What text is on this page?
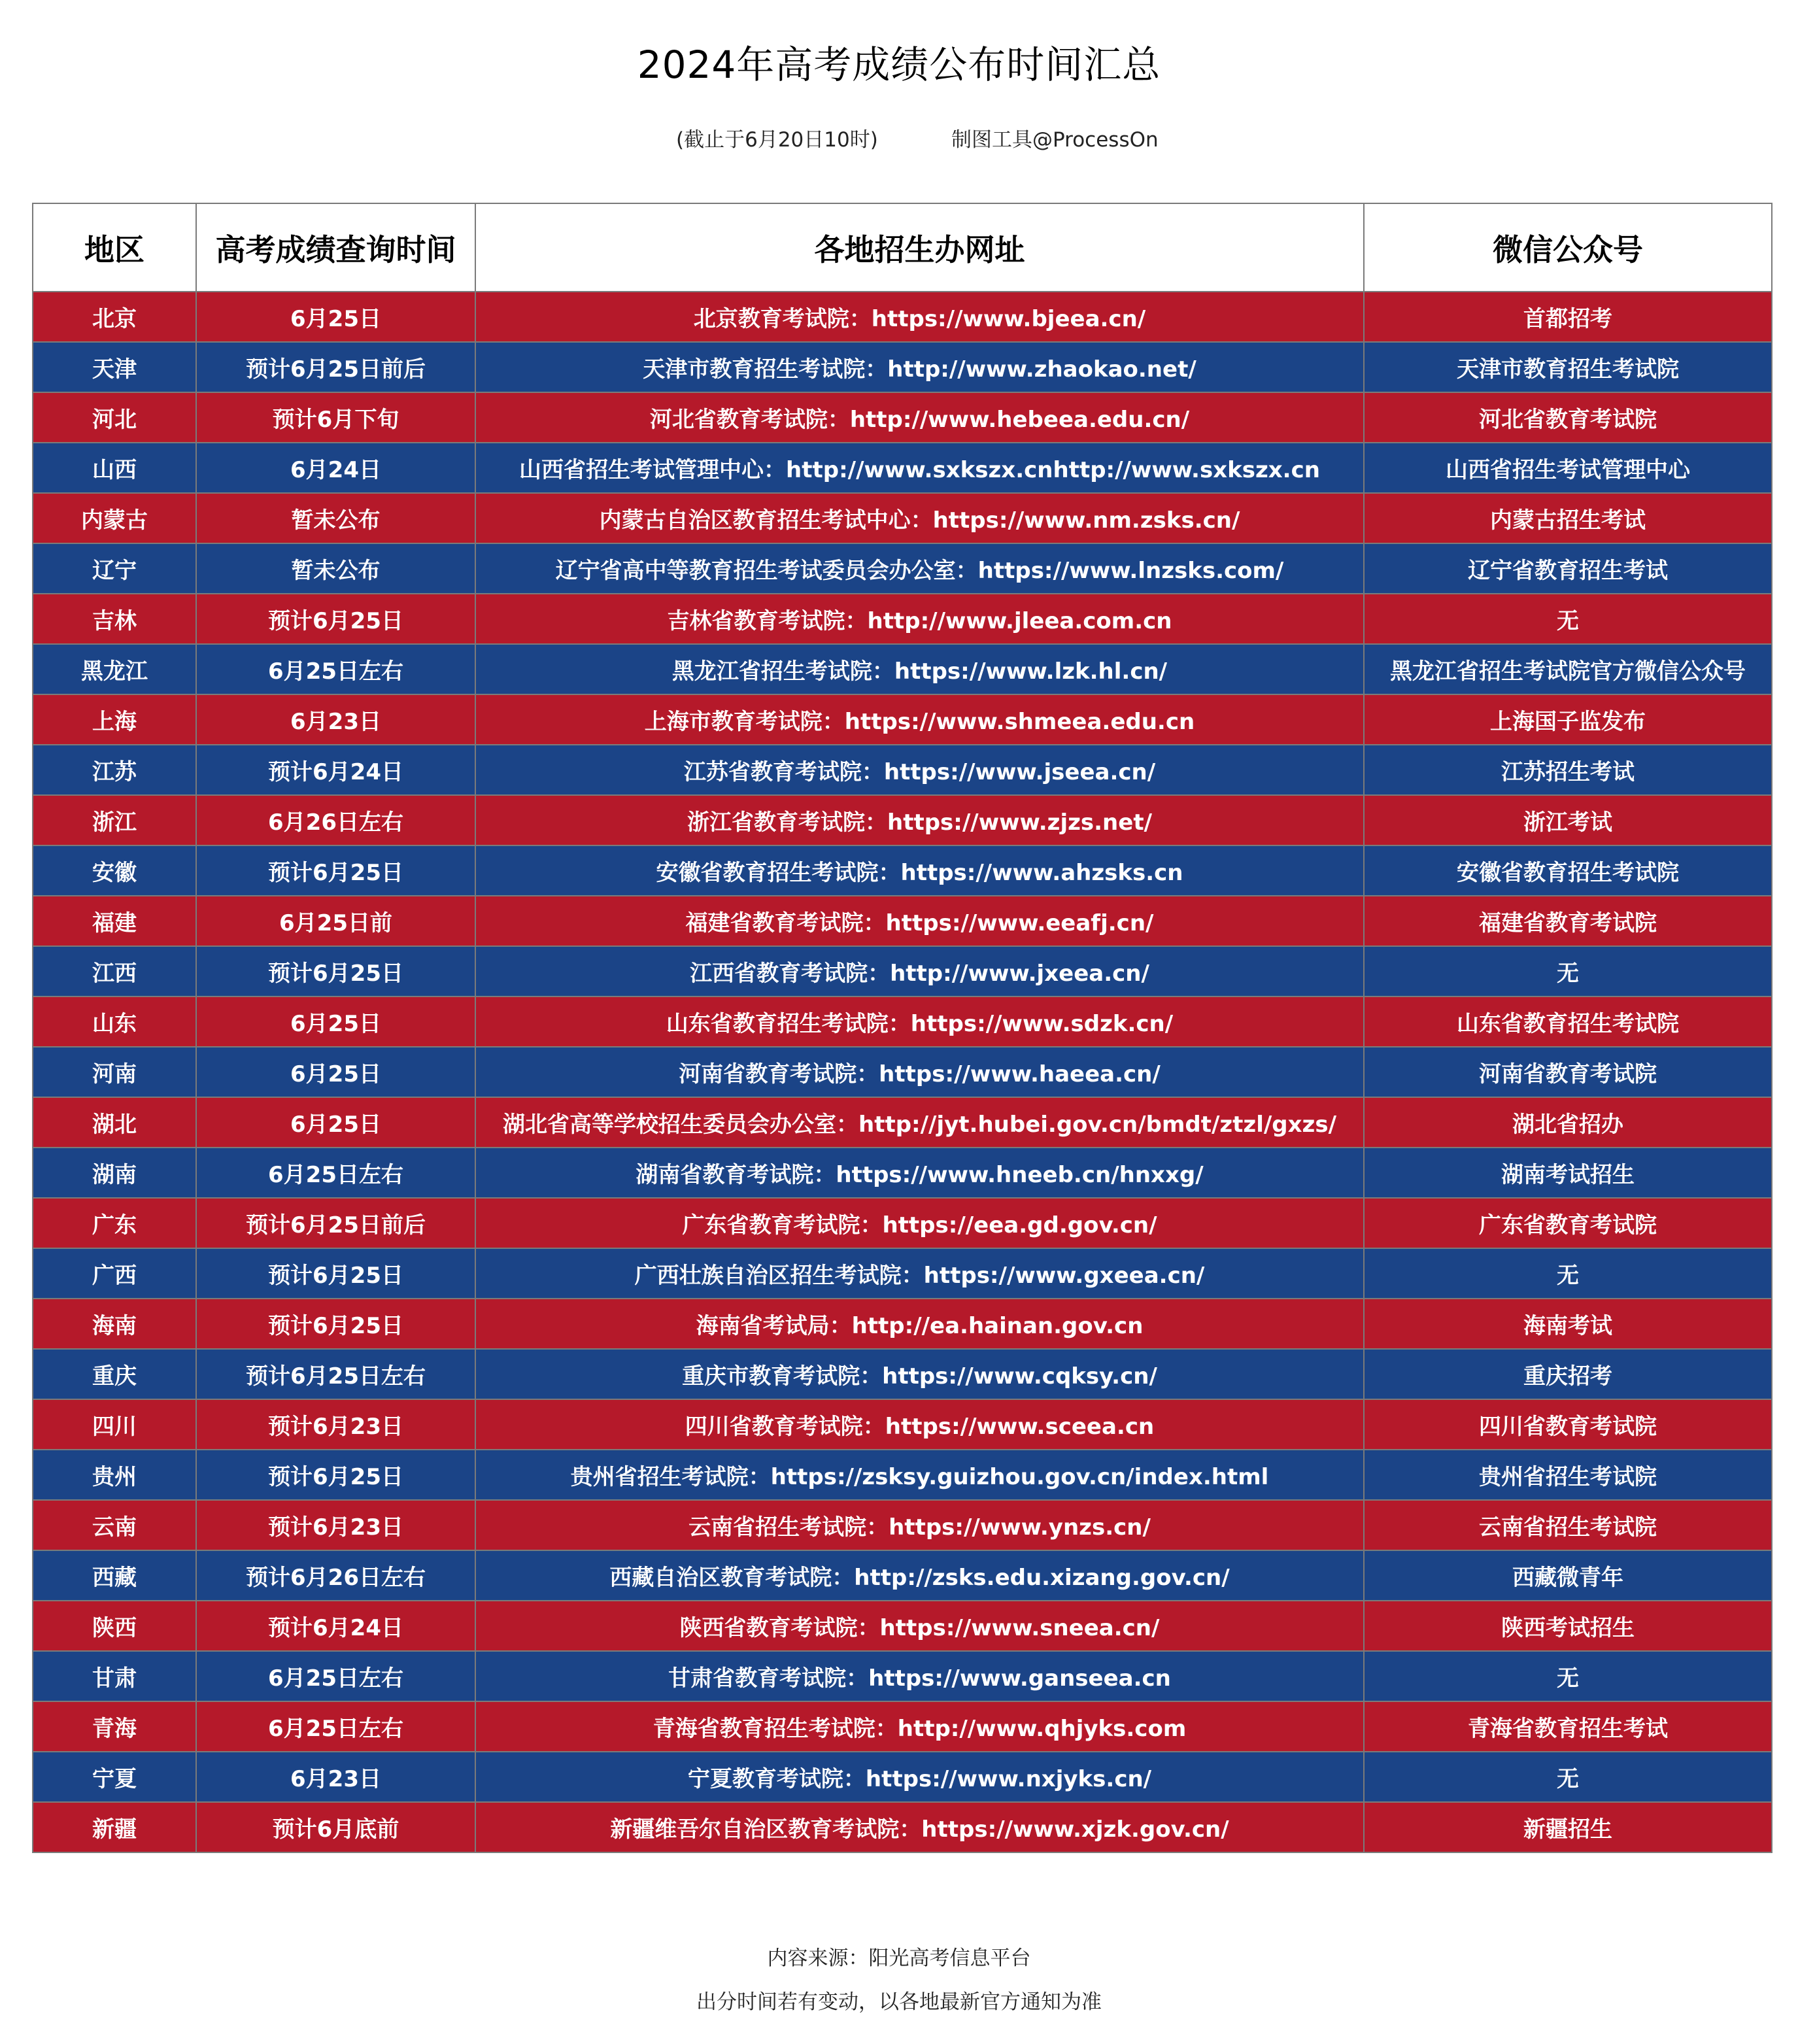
2024年高考成绩公布时间汇总
(截止于6月20日10时)	制图工具@ProcessOn
地区	高考成绩查询时间	各地招生办网址	微信公众号
北京	6月25日	北京教育考试院：https://www.bjeea.cn/	首都招考
天津	预计6月25日前后	天津市教育招生考试院：http://www.zhaokao.net/	天津市教育招生考试院
河北	预计6月下旬	河北省教育考试院：http://www.hebeea.edu.cn/	河北省教育考试院
山西	6月24日	山西省招生考试管理中心：http://www.sxkszx.cnhttp://www.sxkszx.cn	山西省招生考试管理中心
内蒙古	暂未公布	内蒙古自治区教育招生考试中心：https://www.nm.zsks.cn/	内蒙古招生考试
辽宁	暂未公布	辽宁省高中等教育招生考试委员会办公室：https://www.lnzsks.com/	辽宁省教育招生考试
吉林	预计6月25日	吉林省教育考试院：http://www.jleea.com.cn	无
黑龙江	6月25日左右	黑龙江省招生考试院：https://www.lzk.hl.cn/	黑龙江省招生考试院官方微信公众号
上海	6月23日	上海市教育考试院：https://www.shmeea.edu.cn	上海国子监发布
江苏	预计6月24日	江苏省教育考试院：https://www.jseea.cn/	江苏招生考试
浙江	6月26日左右	浙江省教育考试院：https://www.zjzs.net/	浙江考试
安徽	预计6月25日	安徽省教育招生考试院：https://www.ahzsks.cn	安徽省教育招生考试院
福建	6月25日前	福建省教育考试院：https://www.eeafj.cn/	福建省教育考试院
江西	预计6月25日	江西省教育考试院：http://www.jxeea.cn/	无
山东	6月25日	山东省教育招生考试院：https://www.sdzk.cn/	山东省教育招生考试院
河南	6月25日	河南省教育考试院：https://www.haeea.cn/	河南省教育考试院
湖北	6月25日	湖北省高等学校招生委员会办公室：http://jyt.hubei.gov.cn/bmdt/ztzl/gxzs/	湖北省招办
湖南	6月25日左右	湖南省教育考试院：https://www.hneeb.cn/hnxxg/	湖南考试招生
广东	预计6月25日前后	广东省教育考试院：https://eea.gd.gov.cn/	广东省教育考试院
广西	预计6月25日	广西壮族自治区招生考试院：https://www.gxeea.cn/	无
海南	预计6月25日	海南省考试局：http://ea.hainan.gov.cn	海南考试
重庆	预计6月25日左右	重庆市教育考试院：https://www.cqksy.cn/	重庆招考
四川	预计6月23日	四川省教育考试院：https://www.sceea.cn	四川省教育考试院
贵州	预计6月25日	贵州省招生考试院：https://zsksy.guizhou.gov.cn/index.html	贵州省招生考试院
云南	预计6月23日	云南省招生考试院：https://www.ynzs.cn/	云南省招生考试院
西藏	预计6月26日左右	西藏自治区教育考试院：http://zsks.edu.xizang.gov.cn/	西藏微青年
陕西	预计6月24日	陕西省教育考试院：https://www.sneea.cn/	陕西考试招生
甘肃	6月25日左右	甘肃省教育考试院：https://www.ganseea.cn	无
青海	6月25日左右	青海省教育招生考试院：http://www.qhjyks.com	青海省教育招生考试
宁夏	6月23日	宁夏教育考试院：https://www.nxjyks.cn/	无
新疆	预计6月底前	新疆维吾尔自治区教育考试院：https://www.xjzk.gov.cn/	新疆招生
内容来源：阳光高考信息平台
出分时间若有变动，以各地最新官方通知为准
